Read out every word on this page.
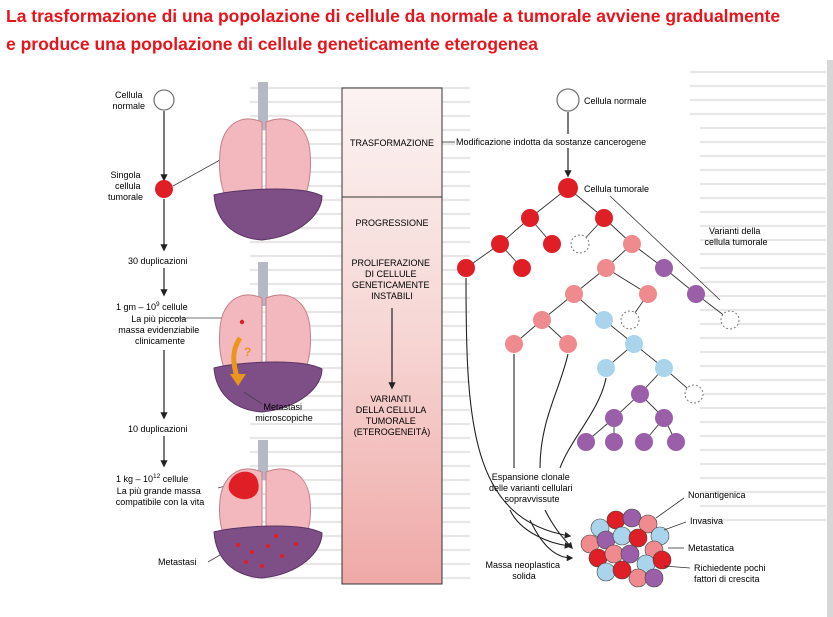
La trasformazione di una popolazione di cellule da normale a tumorale avviene gradualmente
e produce una popolazione di cellule geneticamente eterogenea
Cellula normale
Singola cellula tumorale
30 duplicazioni
1 gm – $10^9$ cellule
La più piccola massa evidenziabile clinicamente
10 duplicazioni
1 kg – $10^{12}$ cellule
La più grande massa compatibile con la vita
Metastasi
?
Metastasi microscopiche
TRASFORMAZIONE
PROGRESSIONE
PROLIFERAZIONE DI CELLULE GENETICAMENTE INSTABILI
VARIANTI DELLA CELLULA TUMORALE (ETEROGENEITÀ)
Cellula normale
Modificazione indotta da sostanze cancerogene
Cellula tumorale
Varianti della cellula tumorale
Espansione clonale delle varianti cellulari sopravvissute
Massa neoplastica solida
Nonantigenica
Invasiva
Metastatica
Richiedente pochi fattori di crescita
